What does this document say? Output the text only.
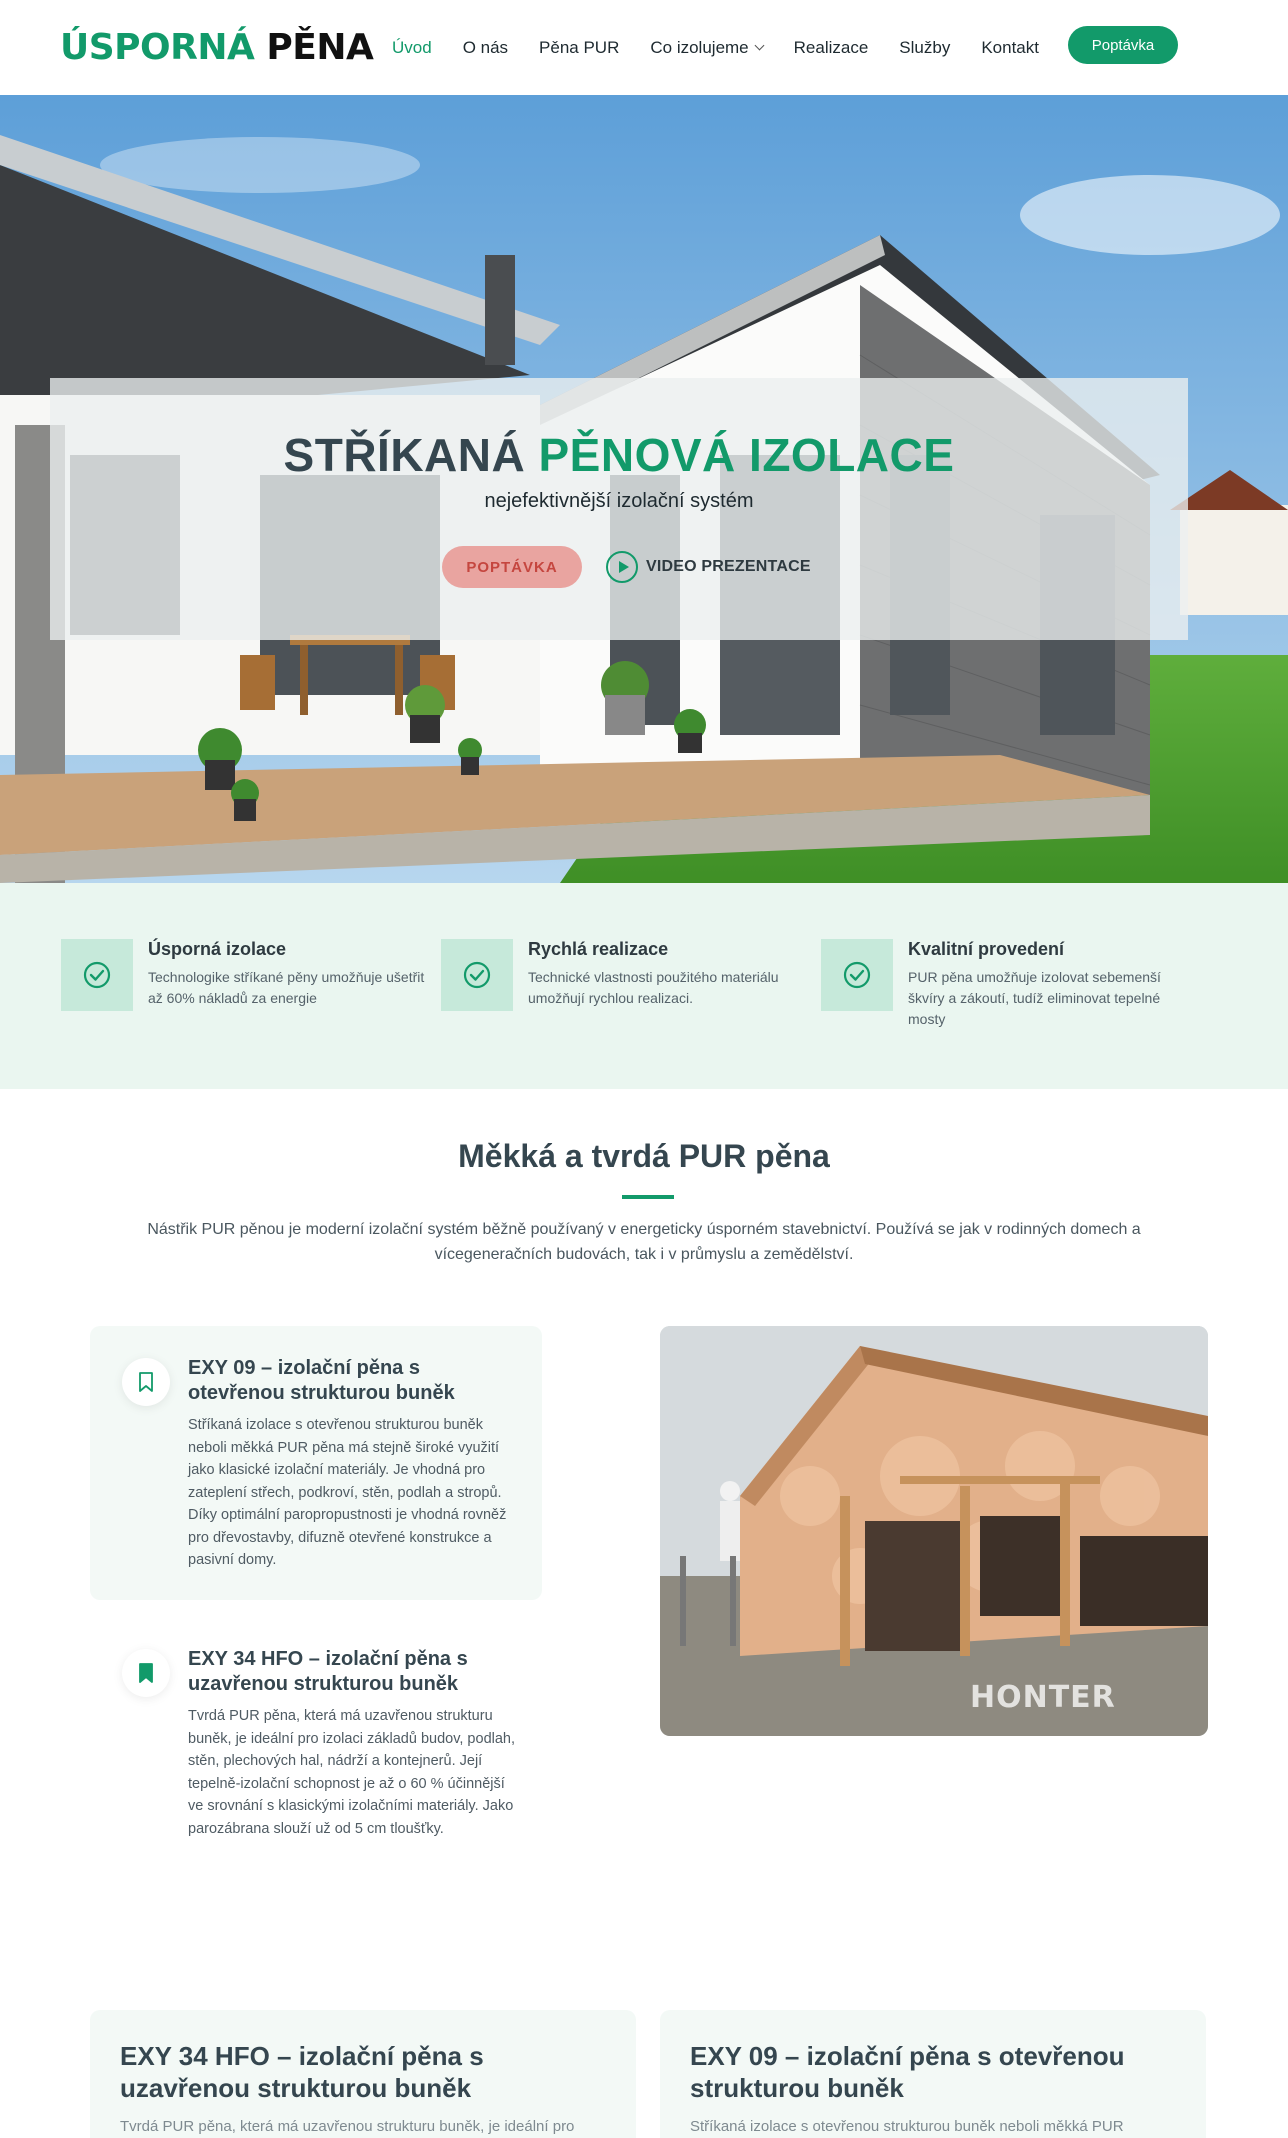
ÚSPORNÁ PĚNA Úvod O nás Pěna PUR Co izolujeme	Realizace Služby Kontakt	Poptávka
STŘÍKANÁ PĚNOVÁ IZOLACE
nejefektivnější izolační systém
POPTÁVKA	VIDEO PREZENTACE
Úsporná izolace
Technologike stříkané pěny umožňuje ušetřit až 60% nákladů za energie
Rychlá realizace
Technické vlastnosti použitého materiálu umožňují rychlou realizaci.
Kvalitní provedení
PUR pěna umožňuje izolovat sebemenší škvíry a zákoutí, tudíž eliminovat tepelné mosty
Měkká a tvrdá PUR pěna

Nástřik PUR pěnou je moderní izolační systém běžně používaný v energeticky úsporném stavebnictví. Používá se jak v rodinných domech a vícegeneračních budovách, tak i v průmyslu a zemědělství.

EXY 09 – izolační pěna s otevřenou strukturou buněk
Stříkaná izolace s otevřenou strukturou buněk neboli měkká PUR pěna má stejně široké využití jako klasické izolační materiály. Je vhodná pro zateplení střech, podkroví, stěn, podlah a stropů. Díky optimální paropropustnosti je vhodná rovněž pro dřevostavby, difuzně otevřené konstrukce a pasivní domy.
EXY 34 HFO – izolační pěna s uzavřenou strukturou buněk
Tvrdá PUR pěna, která má uzavřenou strukturu buněk, je ideální pro izolaci základů budov, podlah, stěn, plechových hal, nádrží a kontejnerů. Její tepelně-izolační schopnost je až o 60 % účinnější ve srovnání s klasickými izolačními materiály. Jako parozábrana slouží už od 5 cm tloušťky.
HONTER
EXY 34 HFO – izolační pěna s uzavřenou strukturou buněk
Tvrdá PUR pěna, která má uzavřenou strukturu buněk, je ideální pro
EXY 09 – izolační pěna s otevřenou strukturou buněk
Stříkaná izolace s otevřenou strukturou buněk neboli měkká PUR
